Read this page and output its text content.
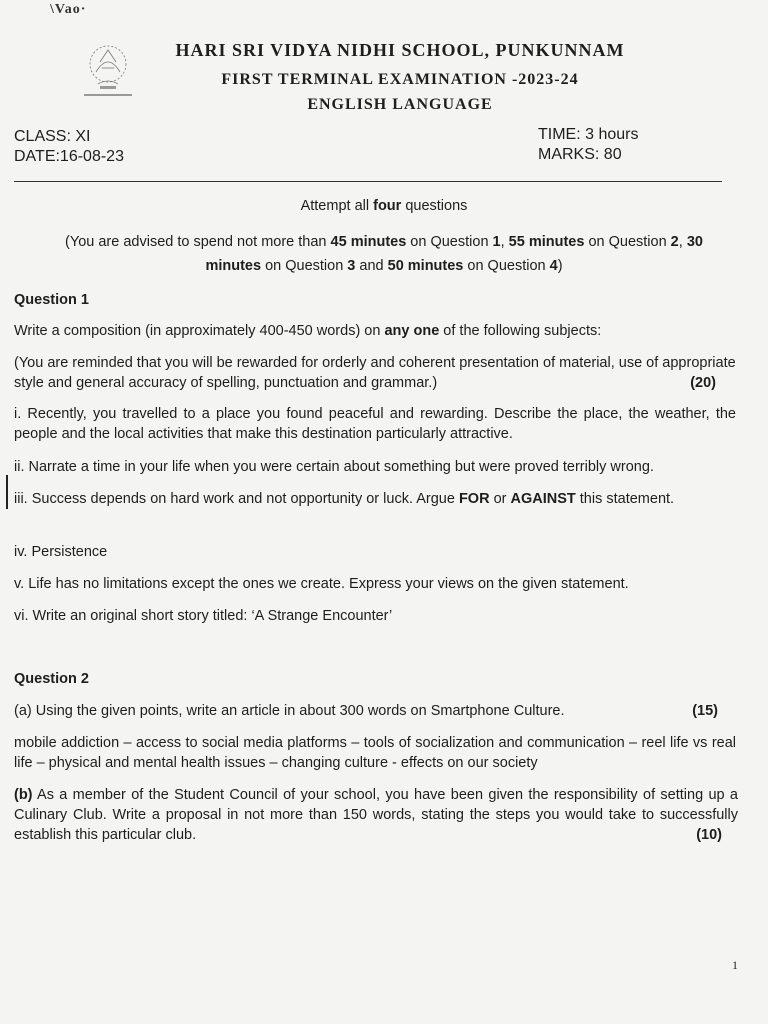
\Vao·
HARI SRI VIDYA NIDHI SCHOOL, PUNKUNNAM
FIRST TERMINAL EXAMINATION -2023-24
ENGLISH LANGUAGE
CLASS: XI
DATE:16-08-23
TIME: 3 hours
MARKS: 80
Attempt all four questions
(You are advised to spend not more than 45 minutes on Question 1, 55 minutes on Question 2, 30
minutes on Question 3 and 50 minutes on Question 4)
Question 1
Write a composition (in approximately 400-450 words) on any one of the following subjects:
(You are reminded that you will be rewarded for orderly and coherent presentation of material, use of appropriate style and general accuracy of spelling, punctuation and grammar.)	(20)
i. Recently, you travelled to a place you found peaceful and rewarding. Describe the place, the weather, the people and the local activities that make this destination particularly attractive.
ii. Narrate a time in your life when you were certain about something but were proved terribly wrong.
iii. Success depends on hard work and not opportunity or luck. Argue FOR or AGAINST this statement.
iv. Persistence
v. Life has no limitations except the ones we create. Express your views on the given statement.
vi. Write an original short story titled: ‘A Strange Encounter’
Question 2
(a) Using the given points, write an article in about 300 words on Smartphone Culture.	(15)
mobile addiction – access to social media platforms – tools of socialization and communication – reel life vs real life – physical and mental health issues – changing culture - effects on our society
(b) As a member of the Student Council of your school, you have been given the responsibility of setting up a Culinary Club. Write a proposal in not more than 150 words, stating the steps you would take to successfully establish this particular club.	(10)
1
